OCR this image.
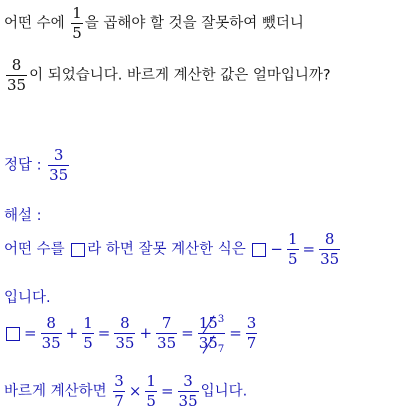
어떤 수에 $\frac{1}{5}$ 을 곱해야 할 것을 잘못하여 뺐더니
$\frac{8}{35}$ 이 되었습니다. 바르게 계산한 값은 얼마입니까?
정답 : $\frac{3}{35}$
해설 :
어떤 수를 라 하면 잘못 계산한 식은 − $\frac{1}{5} = \frac{8}{35}$
입니다.
= $\frac{8}{35} + \frac{1}{5} = \frac{8}{35} + \frac{7}{35} = \frac{15^3}{35_7} = \frac{3}{7}$
바르게 계산하면 $\frac{3}{7} \times \frac{1}{5} = \frac{3}{35}$ 입니다.
